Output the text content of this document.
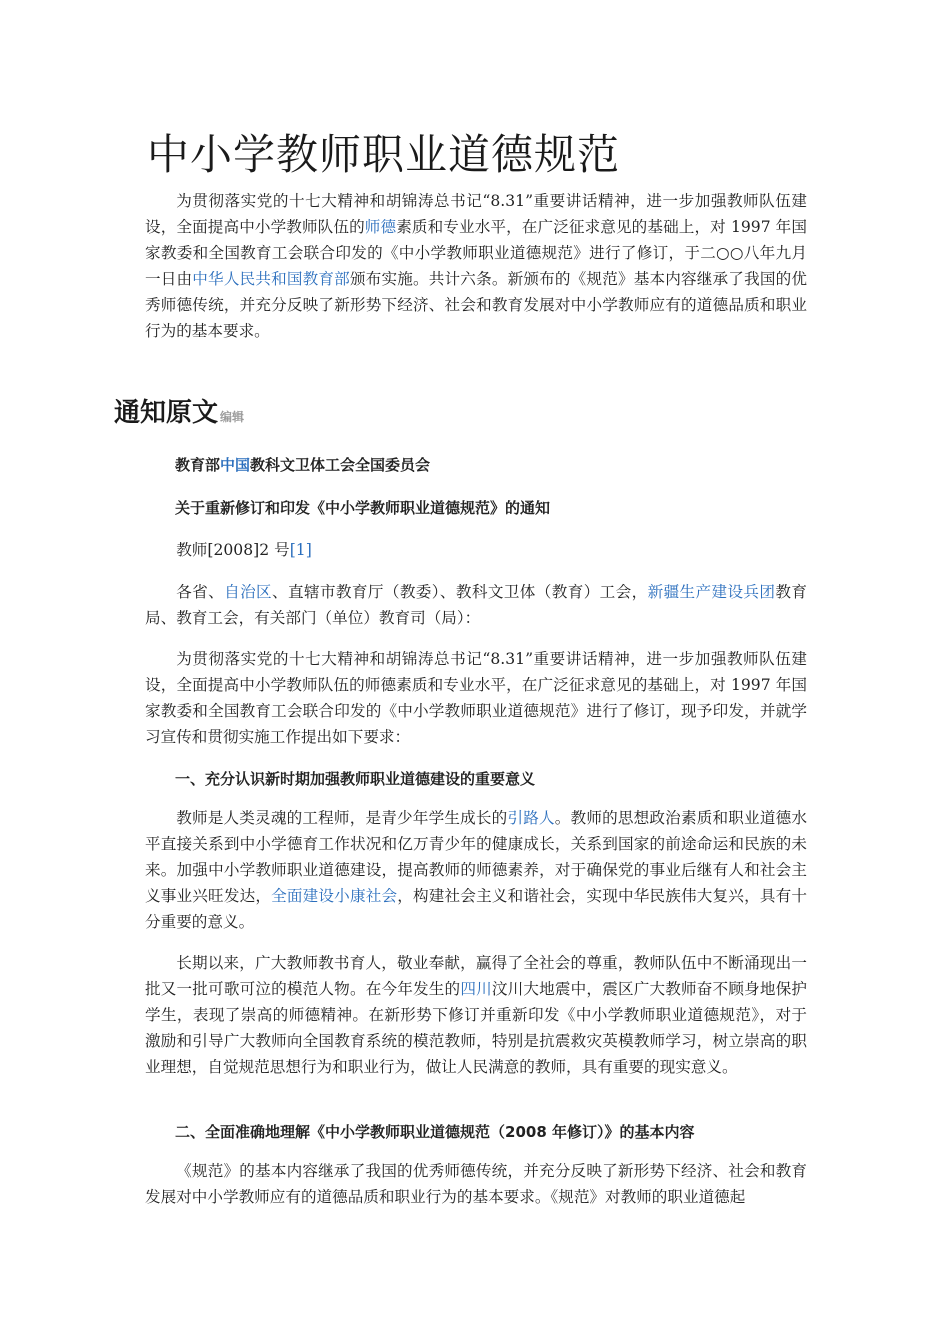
中小学教师职业道德规范

为贯彻落实党的十七大精神和胡锦涛总书记“8.31”重要讲话精神，进一步加强教师队伍建设，全面提高中小学教师队伍的师德素质和专业水平，在广泛征求意见的基础上，对 1997 年国家教委和全国教育工会联合印发的《中小学教师职业道德规范》进行了修订，于二○○八年九月一日由中华人民共和国教育部颁布实施。共计六条。新颁布的《规范》基本内容继承了我国的优秀师德传统，并充分反映了新形势下经济、社会和教育发展对中小学教师应有的道德品质和职业行为的基本要求。

通知原文 编辑

教育部中国教科文卫体工会全国委员会

关于重新修订和印发《中小学教师职业道德规范》的通知

教师[2008]2 号[1]

各省、自治区、直辖市教育厅（教委）、教科文卫体（教育）工会，新疆生产建设兵团教育局、教育工会，有关部门（单位）教育司（局）：

为贯彻落实党的十七大精神和胡锦涛总书记“8.31”重要讲话精神，进一步加强教师队伍建设，全面提高中小学教师队伍的师德素质和专业水平，在广泛征求意见的基础上，对 1997 年国家教委和全国教育工会联合印发的《中小学教师职业道德规范》进行了修订，现予印发，并就学习宣传和贯彻实施工作提出如下要求：

一、充分认识新时期加强教师职业道德建设的重要意义

教师是人类灵魂的工程师，是青少年学生成长的引路人。教师的思想政治素质和职业道德水平直接关系到中小学德育工作状况和亿万青少年的健康成长，关系到国家的前途命运和民族的未来。加强中小学教师职业道德建设，提高教师的师德素养，对于确保党的事业后继有人和社会主义事业兴旺发达，全面建设小康社会，构建社会主义和谐社会，实现中华民族伟大复兴，具有十分重要的意义。

长期以来，广大教师教书育人，敬业奉献，赢得了全社会的尊重，教师队伍中不断涌现出一批又一批可歌可泣的模范人物。在今年发生的四川汶川大地震中，震区广大教师奋不顾身地保护学生，表现了崇高的师德精神。在新形势下修订并重新印发《中小学教师职业道德规范》，对于激励和引导广大教师向全国教育系统的模范教师，特别是抗震救灾英模教师学习，树立崇高的职业理想，自觉规范思想行为和职业行为，做让人民满意的教师，具有重要的现实意义。

二、全面准确地理解《中小学教师职业道德规范（2008 年修订）》的基本内容

《规范》的基本内容继承了我国的优秀师德传统，并充分反映了新形势下经济、社会和教育发展对中小学教师应有的道德品质和职业行为的基本要求。《规范》对教师的职业道德起
